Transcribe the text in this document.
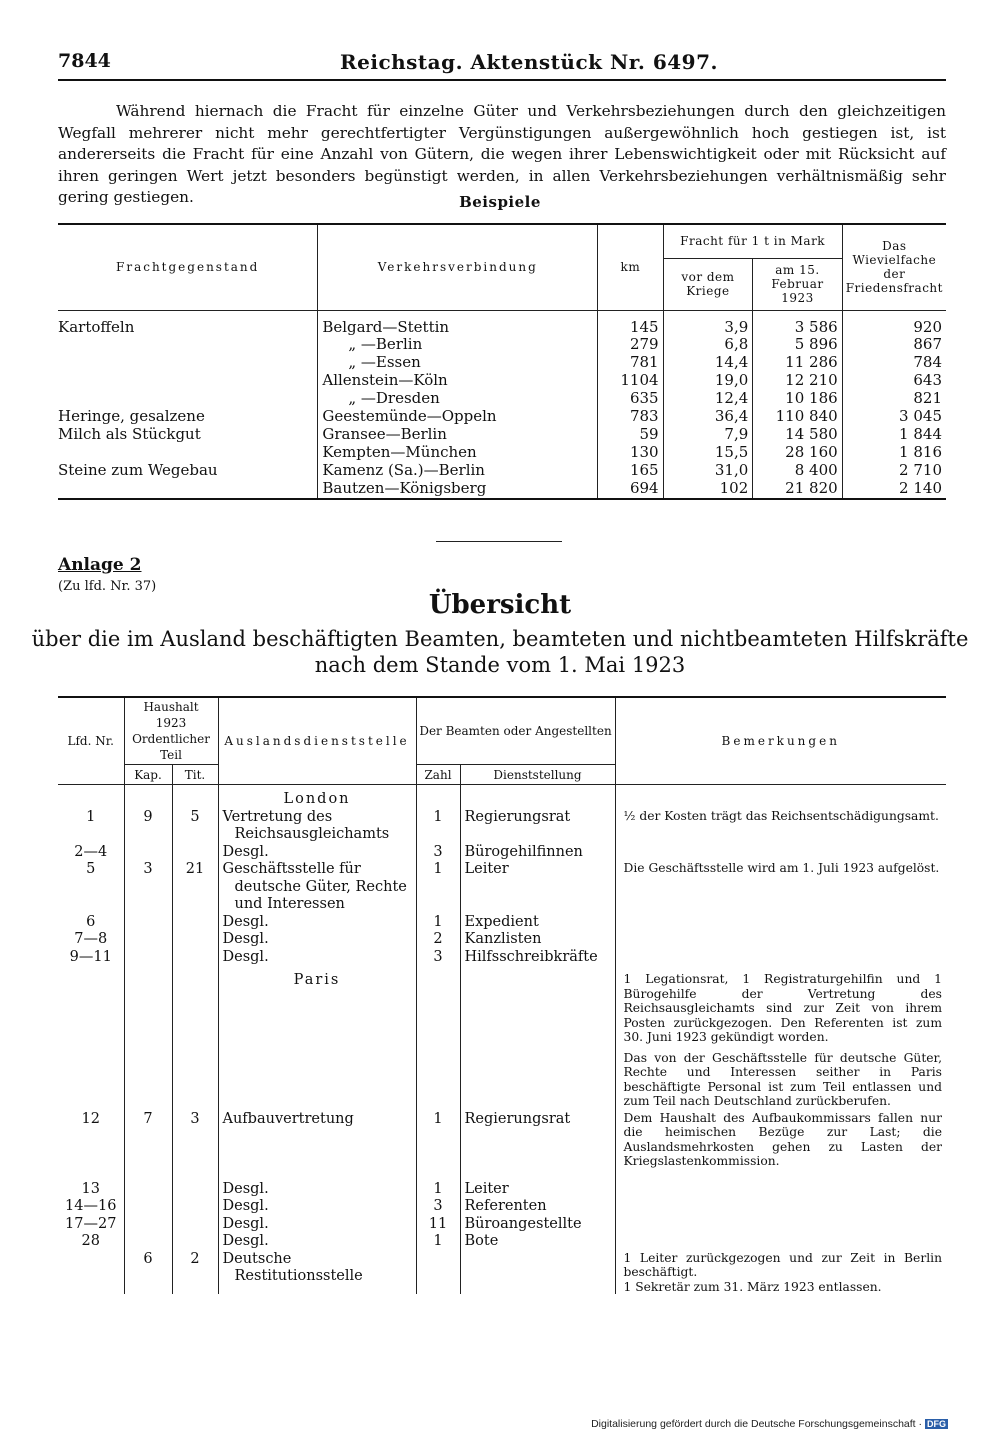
7844	Reichstag. Aktenstück Nr. 6497.

Während hiernach die Fracht für einzelne Güter und Verkehrsbeziehungen durch den gleichzeitigen Wegfall mehrerer nicht mehr gerechtfertigter Vergünstigungen außergewöhnlich hoch gestiegen ist, ist andererseits die Fracht für eine Anzahl von Gütern, die wegen ihrer Lebenswichtigkeit oder mit Rücksicht auf ihren geringen Wert jetzt besonders begünstigt werden, in allen Verkehrsbeziehungen verhältnismäßig sehr gering gestiegen.	Beispiele
Frachtgegenstand	Verkehrsverbindung	km	Fracht für 1 t in Mark		Das Wievielfache der Friedensfracht
			vor dem Kriege	am 15. Februar 1923	
Kartoffeln	Belgard—Stettin	145	3,9	3 586	920
	„ —Berlin	279	6,8	5 896	867
	„ —Essen	781	14,4	11 286	784
	Allenstein—Köln	1104	19,0	12 210	643
	„ —Dresden	635	12,4	10 186	821
Heringe, gesalzene	Geestemünde—Oppeln	783	36,4	110 840	3 045
Milch als Stückgut	Gransee—Berlin	59	7,9	14 580	1 844
	Kempten—München	130	15,5	28 160	1 816
Steine zum Wegebau	Kamenz (Sa.)—Berlin	165	31,0	8 400	2 710
	Bautzen—Königsberg	694	102	21 820	2 140
Anlage 2
(Zu lfd. Nr. 37)
Übersicht
über die im Ausland beschäftigten Beamten, beamteten und nichtbeamteten Hilfskräfte
nach dem Stande vom 1. Mai 1923
Lfd. Nr.	Haushalt 1923 Ordentlicher Teil		Auslandsdienststelle	Der Beamten oder Angestellten		Bemerkungen
	Kap.	Tit.		Zahl	Dienststellung	
			London			
1	9	5	Vertretung des Reichsausgleichamts	1	Regierungsrat	½ der Kosten trägt das Reichsentschädigungsamt.
2—4			Desgl.	3	Bürogehilfinnen	
5	3	21	Geschäftsstelle für deutsche Güter, Rechte und Interessen	1	Leiter	Die Geschäftsstelle wird am 1. Juli 1923 aufgelöst.
6			Desgl.	1	Expedient	
7—8			Desgl.	2	Kanzlisten	
9—11			Desgl.	3	Hilfsschreibkräfte	
			Paris			1 Legationsrat, 1 Registraturgehilfin und 1 Bürogehilfe der Vertretung des Reichsausgleichamts sind zur Zeit von ihrem Posten zurückgezogen. Den Referenten ist zum 30. Juni 1923 gekündigt worden.
						Das von der Geschäftsstelle für deutsche Güter, Rechte und Interessen seither in Paris beschäftigte Personal ist zum Teil entlassen und zum Teil nach Deutschland zurückberufen.
12	7	3	Aufbauvertretung	1	Regierungsrat	Dem Haushalt des Aufbaukommissars fallen nur die heimischen Bezüge zur Last; die Auslandsmehrkosten gehen zu Lasten der Kriegslastenkommission.
13			Desgl.	1	Leiter	
14—16			Desgl.	3	Referenten	
17—27			Desgl.	11	Büroangestellte	
28			Desgl.	1	Bote	
	6	2	Deutsche Restitutionsstelle			1 Leiter zurückgezogen und zur Zeit in Berlin beschäftigt.
1 Sekretär zum 31. März 1923 entlassen.
Digitalisierung gefördert durch die Deutsche Forschungsgemeinschaft · DFG
